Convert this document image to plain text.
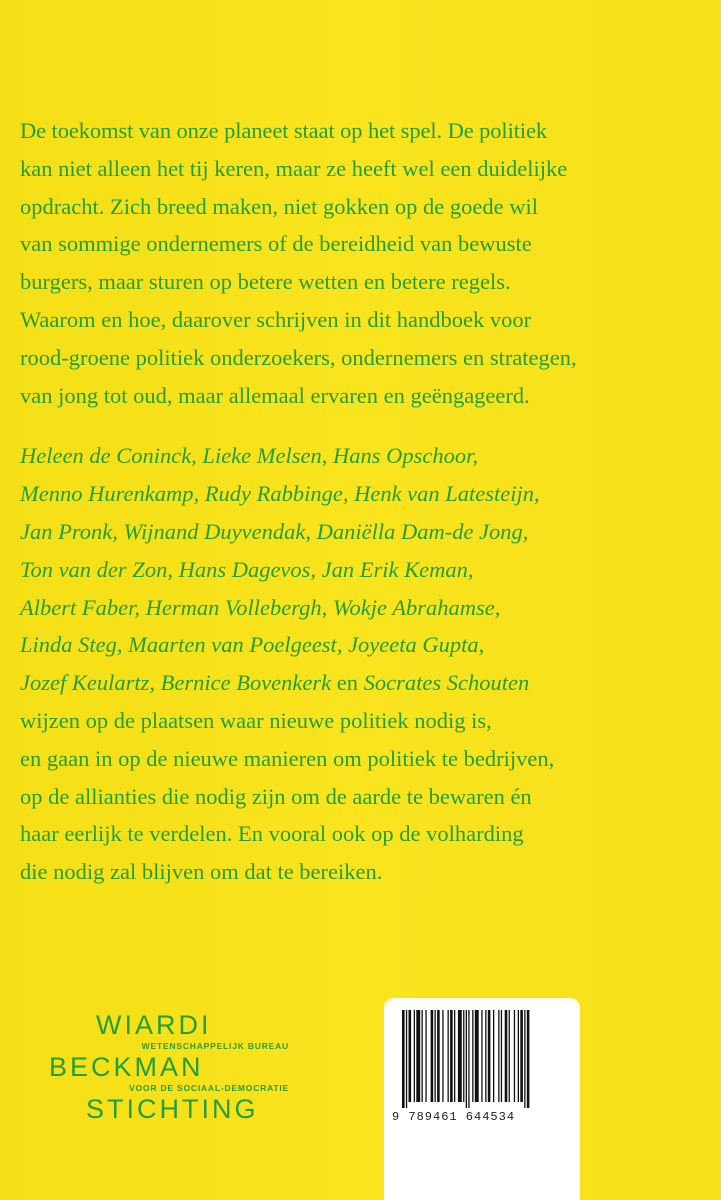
De toekomst van onze planeet staat op het spel. De politiek
kan niet alleen het tij keren, maar ze heeft wel een duidelijke
opdracht. Zich breed maken, niet gokken op de goede wil
van sommige ondernemers of de bereidheid van bewuste
burgers, maar sturen op betere wetten en betere regels.
Waarom en hoe, daarover schrijven in dit handboek voor
rood-groene politiek onderzoekers, ondernemers en strategen,
van jong tot oud, maar allemaal ervaren en geëngageerd.
Heleen de Coninck, Lieke Melsen, Hans Opschoor,
Menno Hurenkamp, Rudy Rabbinge, Henk van Latesteijn,
Jan Pronk, Wijnand Duyvendak, Daniëlla Dam-de Jong,
Ton van der Zon, Hans Dagevos, Jan Erik Keman,
Albert Faber, Herman Vollebergh, Wokje Abrahamse,
Linda Steg, Maarten van Poelgeest, Joyeeta Gupta,
Jozef Keulartz, Bernice Bovenkerk en Socrates Schouten
wijzen op de plaatsen waar nieuwe politiek nodig is,
en gaan in op de nieuwe manieren om politiek te bedrijven,
op de allianties die nodig zijn om de aarde te bewaren én
haar eerlijk te verdelen. En vooral ook op de volharding
die nodig zal blijven om dat te bereiken.
WIARDI
WETENSCHAPPELIJK BUREAU
BECKMAN
VOOR DE SOCIAAL-DEMOCRATIE
STICHTING	9 789461 644534
